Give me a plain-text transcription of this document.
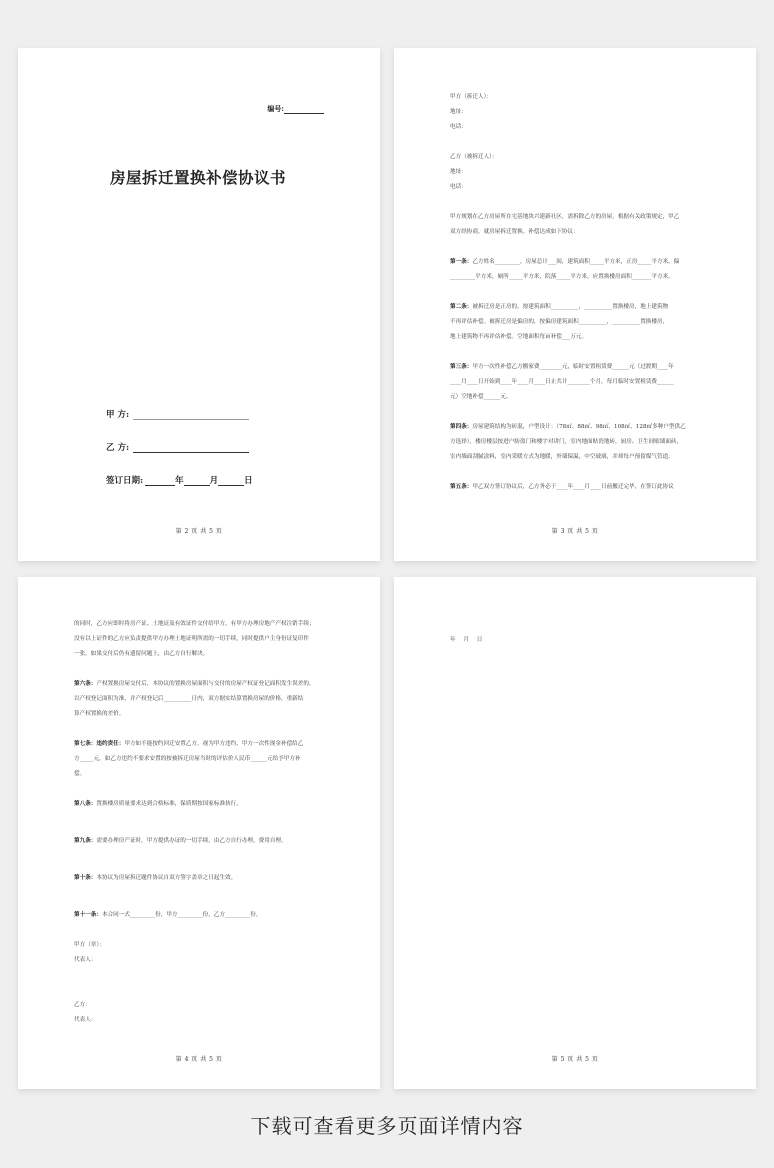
编号:
房屋拆迁置换补偿协议书
甲 方:
乙 方:
签订日期:	年	月	日
第 2 页 共 5 页

甲方（拆迁人）：

地址：

电话：

乙方（被拆迁人）：

地址：

电话：

甲方规划在乙方房屋所在宅基地块兴建新社区，需拆除乙方的房屋，根据有关政策规定，甲乙

双方经协商，就房屋拆迁置换、补偿达成如下协议：

第一条：乙方姓名_________，房屋总计___间，建筑面积_____平方米，正房_____平方米，偏

_________平方米，厕所_____平方米，院落_____平方米，应置换楼房面积_______平方米。

第二条：被拆迁房是正房的，按建筑面积__________，__________置换楼房，地上建筑物

不再评估补偿。被拆迁房是偏房的，按偏房建筑面积__________，__________置换楼房，

地上建筑物不再评估补偿。空地面积每亩补偿___万元。

第三条：甲方一次性补偿乙方搬家费________元，临时安置租赁费______元（过渡期____年

____月____日开始到____年____月____日止共计________个月，每月临时安置租赁费______

元）空地补偿______元。

第四条：房屋建筑结构为砖混，户型设计：（78㎡、88㎡、98㎡、108㎡、128㎡多种户型供乙

方选择），楼房楼层按进户防盗门和楼宇对讲门，室内地面贴瓷地砖，厨房、卫生间贴墙面砖，

室内墙面刮腻涂料，室内采暖方式为地暖，外墙保温，中空玻璃，并却每户预留煤气管道。

第五条：甲乙双方签订协议后，乙方务必于____年____月____日前搬迁完毕，在签订此协议

第 3 页 共 5 页

的同时，乙方应即时将房产证、土地证及有效证件交付给甲方，有甲方办理房地产产权注销手续；

没有以上证件的乙方应负责提供甲方办理土地证明所需的一切手续，同时提供户主身份证复印件

一张。如果交付后仍有遗留问题上，由乙方自行解决。

第六条：产权置换房屋交付后，本协议的置换房屋面积与交付的房屋产权证登记面积发生误差的，

以产权登记面积为准，并产权登记后__________日内，双方据实结算置换房屋的价格，重新结

算产权置换的差价。

第七条：违约责任：甲方如不能按约回迁安置乙方，视为甲方违约，甲方一次性现金补偿给乙

方_____元，如乙方违约不要求安置的按被拆迁房屋当时的评估价人民币______元给予甲方补

偿。

第八条：置换楼房质量要求达到合格标准，保质期按国家标准执行。

第九条：需要办理房产证时，甲方提供办证的一切手续，由乙方自行办理，费用自理。

第十条：本协议为房屋拆迁题件协议自双方签字盖章之日起生效。

第十一条：本合同一式_________份，甲方_________份，乙方_________份。

甲方（章）：

代表人：

乙方：

代表人：

第 4 页 共 5 页

年 月 日

第 5 页 共 5 页
下载可查看更多页面详情内容
